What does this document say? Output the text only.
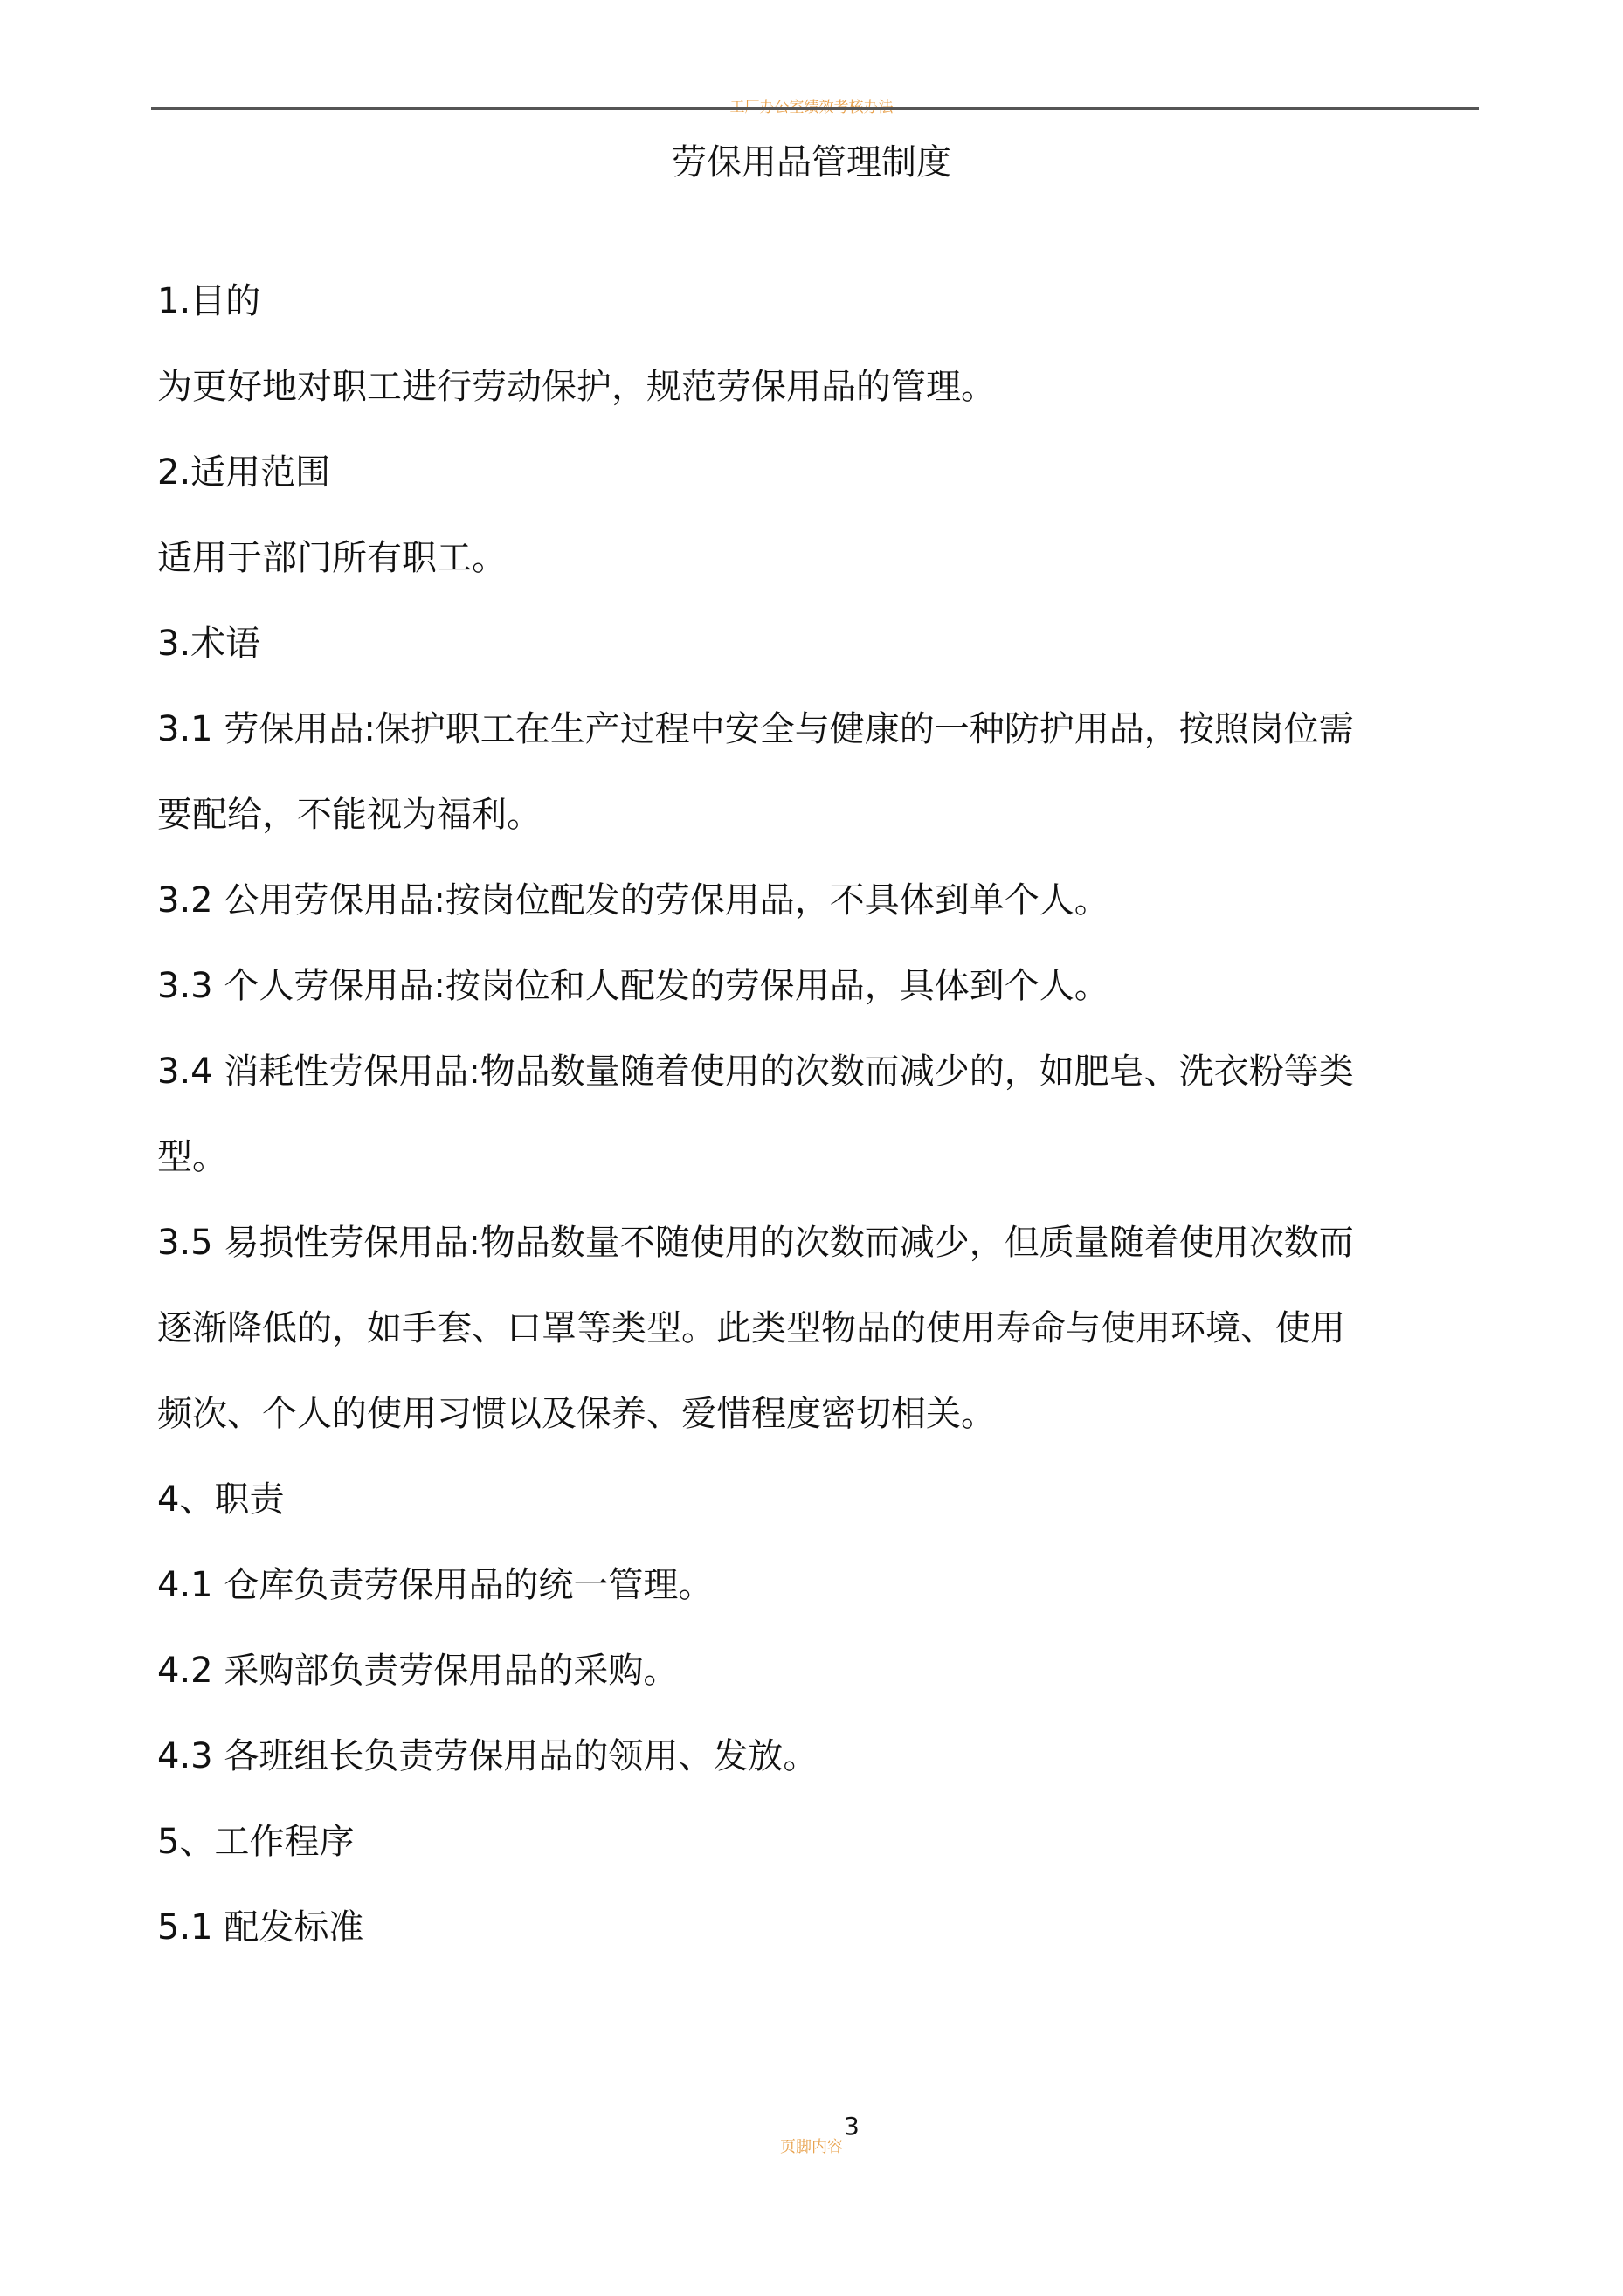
工厂办公室绩效考核办法
劳保用品管理制度

1.目的

为更好地对职工进行劳动保护，规范劳保用品的管理。

2.适用范围

适用于部门所有职工。

3.术语

3.1 劳保用品:保护职工在生产过程中安全与健康的一种防护用品，按照岗位需

要配给，不能视为福利。

3.2 公用劳保用品:按岗位配发的劳保用品，不具体到单个人。

3.3 个人劳保用品:按岗位和人配发的劳保用品，具体到个人。

3.4 消耗性劳保用品:物品数量随着使用的次数而减少的，如肥皂、洗衣粉等类

型。

3.5 易损性劳保用品:物品数量不随使用的次数而减少，但质量随着使用次数而

逐渐降低的，如手套、口罩等类型。此类型物品的使用寿命与使用环境、使用

频次、个人的使用习惯以及保养、爱惜程度密切相关。

4、职责

4.1 仓库负责劳保用品的统一管理。

4.2 采购部负责劳保用品的采购。

4.3 各班组长负责劳保用品的领用、发放。

5、工作程序

5.1 配发标准

3
页脚内容
